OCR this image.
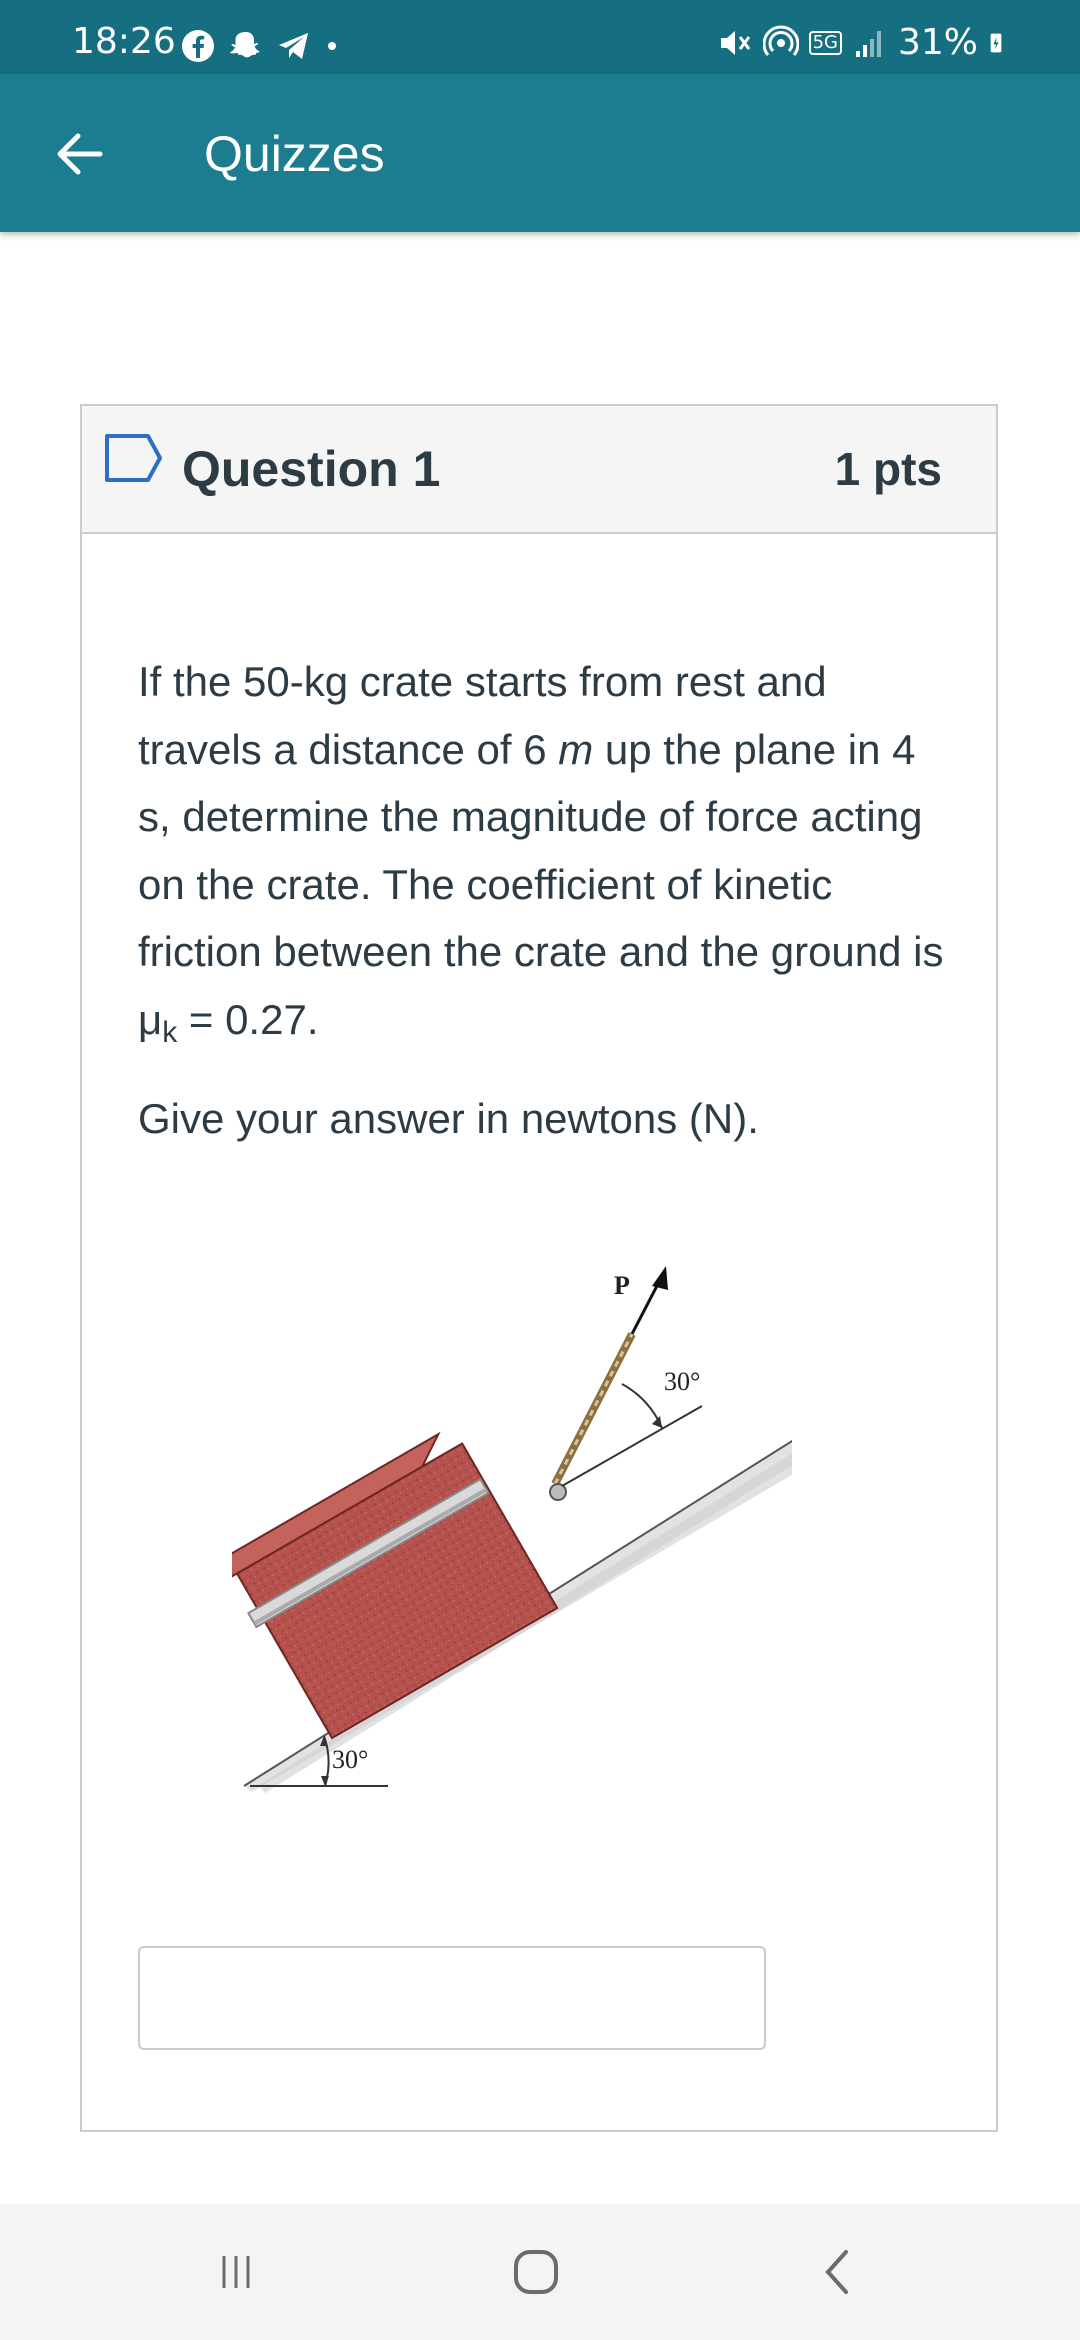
18:26	5G 31%
Quizzes
Question 1	1 pts

If the 50-kg crate starts from rest and travels a distance of 6 m up the plane in 4 s, determine the magnitude of force acting on the crate. The coefficient of kinetic friction between the crate and the ground is $\mu_k = 0.27$.

Give your answer in newtons (N).

P
30°
30°
